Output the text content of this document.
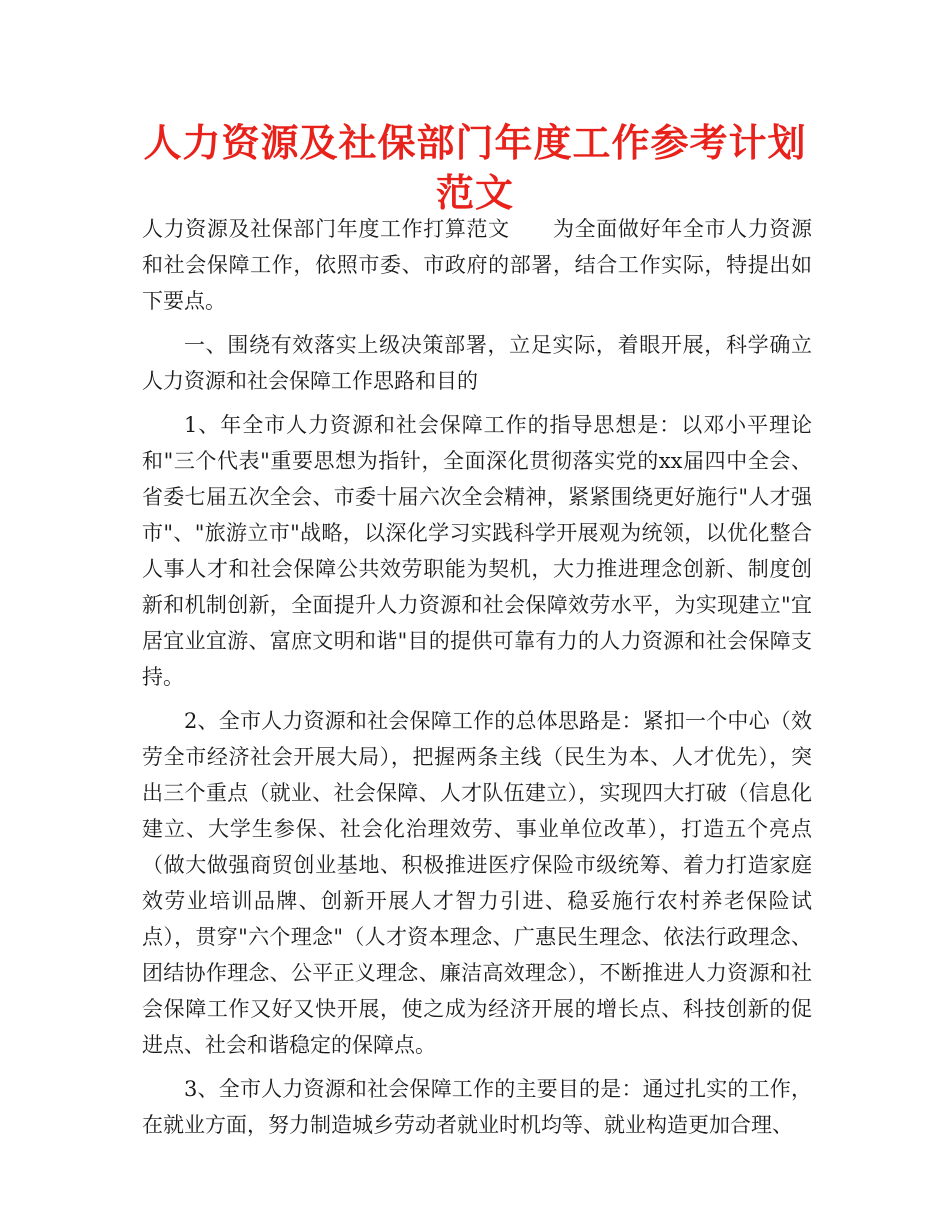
人力资源及社保部门年度工作参考计划范文

人力资源及社保部门年度工作打算范文　　为全面做好年全市人力资源和社会保障工作，依照市委、市政府的部署，结合工作实际，特提出如下要点。

一、围绕有效落实上级决策部署，立足实际，着眼开展，科学确立人力资源和社会保障工作思路和目的

1、年全市人力资源和社会保障工作的指导思想是：以邓小平理论和"三个代表"重要思想为指针，全面深化贯彻落实党的xx届四中全会、省委七届五次全会、市委十届六次全会精神，紧紧围绕更好施行"人才强市"、"旅游立市"战略，以深化学习实践科学开展观为统领，以优化整合人事人才和社会保障公共效劳职能为契机，大力推进理念创新、制度创新和机制创新，全面提升人力资源和社会保障效劳水平，为实现建立"宜居宜业宜游、富庶文明和谐"目的提供可靠有力的人力资源和社会保障支持。

2、全市人力资源和社会保障工作的总体思路是：紧扣一个中心（效劳全市经济社会开展大局），把握两条主线（民生为本、人才优先），突出三个重点（就业、社会保障、人才队伍建立），实现四大打破（信息化建立、大学生参保、社会化治理效劳、事业单位改革），打造五个亮点（做大做强商贸创业基地、积极推进医疗保险市级统筹、着力打造家庭效劳业培训品牌、创新开展人才智力引进、稳妥施行农村养老保险试点），贯穿"六个理念"（人才资本理念、广惠民生理念、依法行政理念、团结协作理念、公平正义理念、廉洁高效理念），不断推进人力资源和社会保障工作又好又快开展，使之成为经济开展的增长点、科技创新的促进点、社会和谐稳定的保障点。

3、全市人力资源和社会保障工作的主要目的是：通过扎实的工作，在就业方面，努力制造城乡劳动者就业时机均等、就业构造更加合理、
